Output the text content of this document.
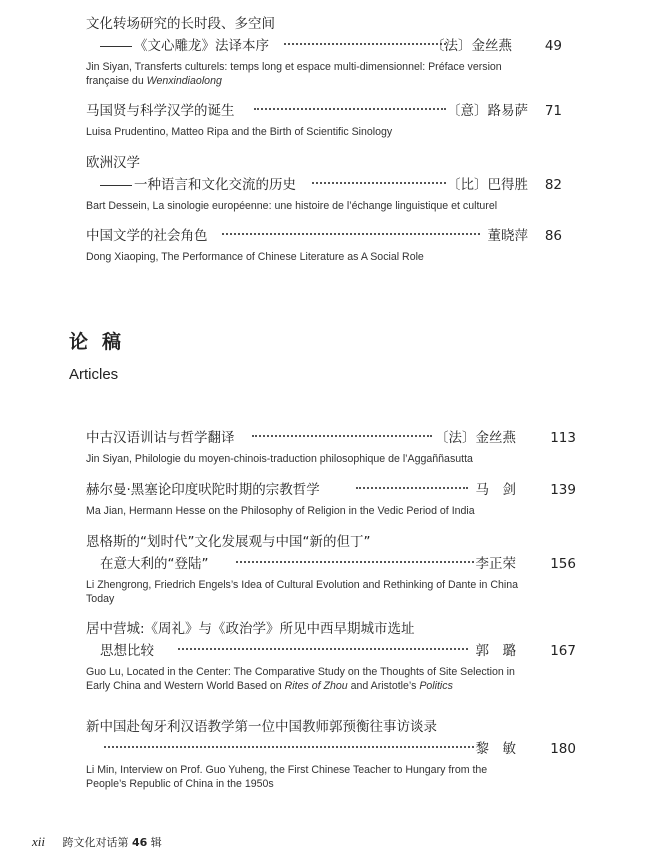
文化转场研究的长时段、多空间
《文心雕龙》法译本序	〔法〕金丝燕 49
Jin Siyan, Transferts culturels: temps long et espace multi-dimensionnel: Préface version française du Wenxindiaolong
马国贤与科学汉学的诞生	〔意〕路易萨 71
Luisa Prudentino, Matteo Ripa and the Birth of Scientific Sinology
欧洲汉学
一种语言和文化交流的历史	〔比〕巴得胜 82
Bart Dessein, La sinologie européenne: une histoire de l’échange linguistique et culturel
中国文学的社会角色	董晓萍 86
Dong Xiaoping, The Performance of Chinese Literature as A Social Role
论稿
Articles
中古汉语训诂与哲学翻译	〔法〕金丝燕	113
Jin Siyan, Philologie du moyen-chinois-traduction philosophique de l’Aggaññasutta
赫尔曼·黑塞论印度吠陀时期的宗教哲学	马　剑	139
Ma Jian, Hermann Hesse on the Philosophy of Religion in the Vedic Period of India
恩格斯的“划时代”文化发展观与中国“新的但丁”
在意大利的“登陆”	李正荣	156
Li Zhengrong, Friedrich Engels’s Idea of Cultural Evolution and Rethinking of Dante in China Today
居中营城:《周礼》与《政治学》所见中西早期城市选址
思想比较	郭　璐	167
Guo Lu, Located in the Center: The Comparative Study on the Thoughts of Site Selection in Early China and Western World Based on Rites of Zhou and Aristotle’s Politics
新中国赴匈牙利汉语教学第一位中国教师郭预衡往事访谈录
黎　敏	180
Li Min, Interview on Prof. Guo Yuheng, the First Chinese Teacher to Hungary from the People’s Republic of China in the 1950s
xii 跨文化对话第 46 辑
